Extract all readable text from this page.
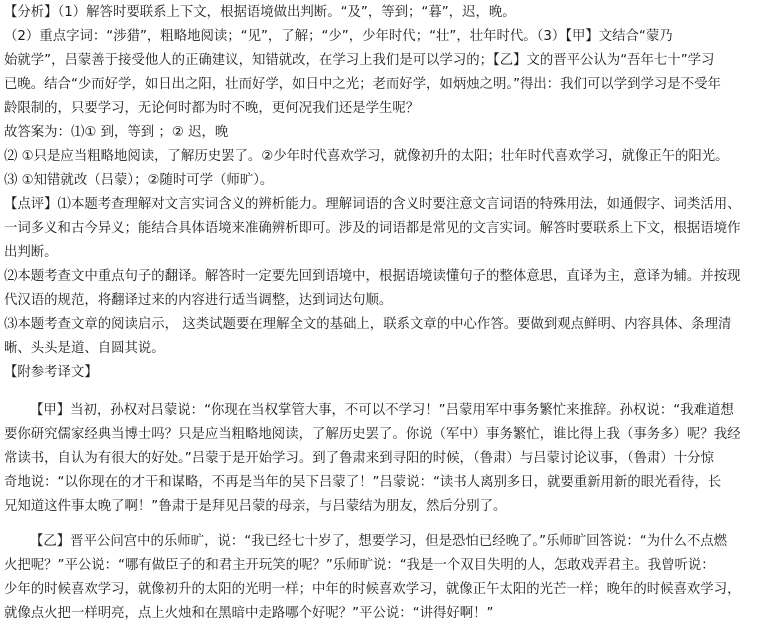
【分析】（1）解答时要联系上下文，根据语境做出判断。“及”，等到；“暮”，迟，晚。
（2）重点字词：“涉猎”，粗略地阅读；“见”，了解；“少”，少年时代；“壮”，壮年时代。（3）【甲】文结合“蒙乃
始就学”，吕蒙善于接受他人的正确建议，知错就改，在学习上我们是可以学习的；【乙】文的晋平公认为“吾年七十”学习
已晚。结合“少而好学，如日出之阳，壮而好学，如日中之光；老而好学，如炳烛之明。”得出：我们可以学到学习是不受年
龄限制的，只要学习，无论何时都为时不晚，更何况我们还是学生呢？
故答案为：⑴① 到，等到 ；② 迟，晚
⑵ ①只是应当粗略地阅读，了解历史罢了。②少年时代喜欢学习，就像初升的太阳；壮年时代喜欢学习，就像正午的阳光。
⑶ ①知错就改（吕蒙）；②随时可学（师旷）。
【点评】⑴本题考查理解对文言实词含义的辨析能力。理解词语的含义时要注意文言词语的特殊用法，如通假字、词类活用、
一词多义和古今异义；能结合具体语境来准确辨析即可。涉及的词语都是常见的文言实词。解答时要联系上下文，根据语境作
出判断。
⑵本题考查文中重点句子的翻译。解答时一定要先回到语境中，根据语境读懂句子的整体意思，直译为主，意译为辅。并按现
代汉语的规范，将翻译过来的内容进行适当调整，达到词达句顺。
⑶本题考查文章的阅读启示， 这类试题要在理解全文的基础上，联系文章的中心作答。要做到观点鲜明、内容具体、条理清
晰、头头是道、自圆其说。
【附参考译文】
【甲】当初，孙权对吕蒙说：“你现在当权掌管大事，不可以不学习！”吕蒙用军中事务繁忙来推辞。孙权说：“我难道想
要你研究儒家经典当博士吗？只是应当粗略地阅读，了解历史罢了。你说（军中）事务繁忙，谁比得上我（事务多）呢？我经
常读书，自认为有很大的好处。”吕蒙于是开始学习。到了鲁肃来到寻阳的时候，（鲁肃）与吕蒙讨论议事，（鲁肃）十分惊
奇地说：“以你现在的才干和谋略，不再是当年的吴下吕蒙了！”吕蒙说：“读书人离别多日，就要重新用新的眼光看待，长
兄知道这件事太晚了啊！”鲁肃于是拜见吕蒙的母亲，与吕蒙结为朋友，然后分别了。
【乙】晋平公问宫中的乐师旷，说：“我已经七十岁了，想要学习，但是恐怕已经晚了。”乐师旷回答说：“为什么不点燃
火把呢？”平公说：“哪有做臣子的和君主开玩笑的呢？”乐师旷说：“我是一个双目失明的人，怎敢戏弄君主。我曾听说：
少年的时候喜欢学习，就像初升的太阳的光明一样；中年的时候喜欢学习，就像正午太阳的光芒一样；晚年的时候喜欢学习，
就像点火把一样明亮，点上火烛和在黑暗中走路哪个好呢？”平公说：“讲得好啊！”
